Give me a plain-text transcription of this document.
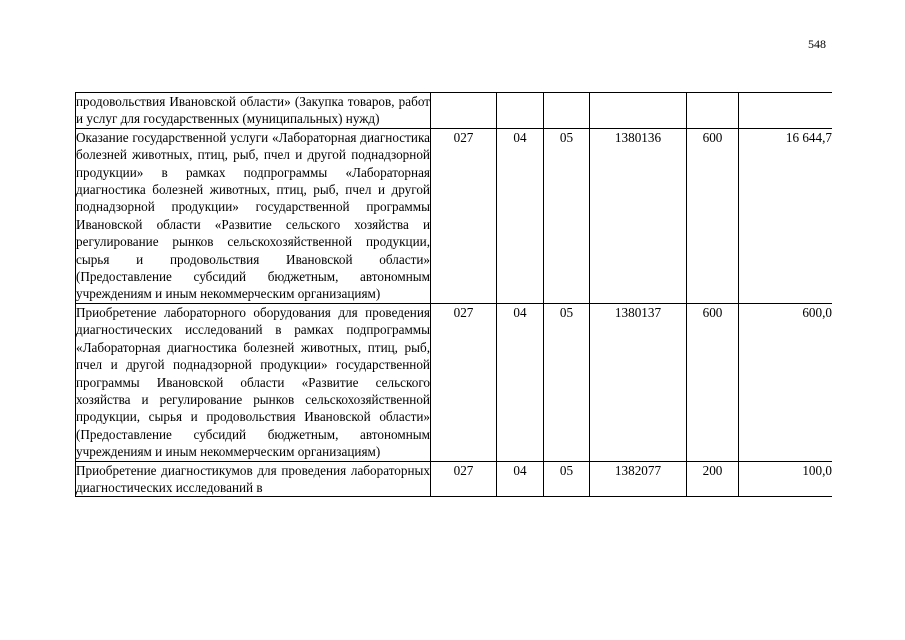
548
продовольствия Ивановской области» (Закупка товаров, работ и услуг для государственных (муниципальных) нужд)						
Оказание государственной услуги «Лабораторная диагностика болезней животных, птиц, рыб, пчел и другой поднадзорной продукции» в рамках подпрограммы «Лабораторная диагностика болезней животных, птиц, рыб, пчел и другой поднадзорной продукции» государственной программы Ивановской области «Развитие сельского хозяйства и регулирование рынков сельскохозяйственной продукции, сырья и продовольствия Ивановской области» (Предоставление субсидий бюджетным, автономным учреждениям и иным некоммерческим организациям)	027	04	05	1380136	600	16 644,7
Приобретение лабораторного оборудования для проведения диагностических исследований в рамках подпрограммы «Лабораторная диагностика болезней животных, птиц, рыб, пчел и другой поднадзорной продукции» государственной программы Ивановской области «Развитие сельского хозяйства и регулирование рынков сельскохозяйственной продукции, сырья и продовольствия Ивановской области» (Предоставление субсидий бюджетным, автономным учреждениям и иным некоммерческим организациям)	027	04	05	1380137	600	600,0
Приобретение диагностикумов для проведения лабораторных диагностических исследований в	027	04	05	1382077	200	100,0
